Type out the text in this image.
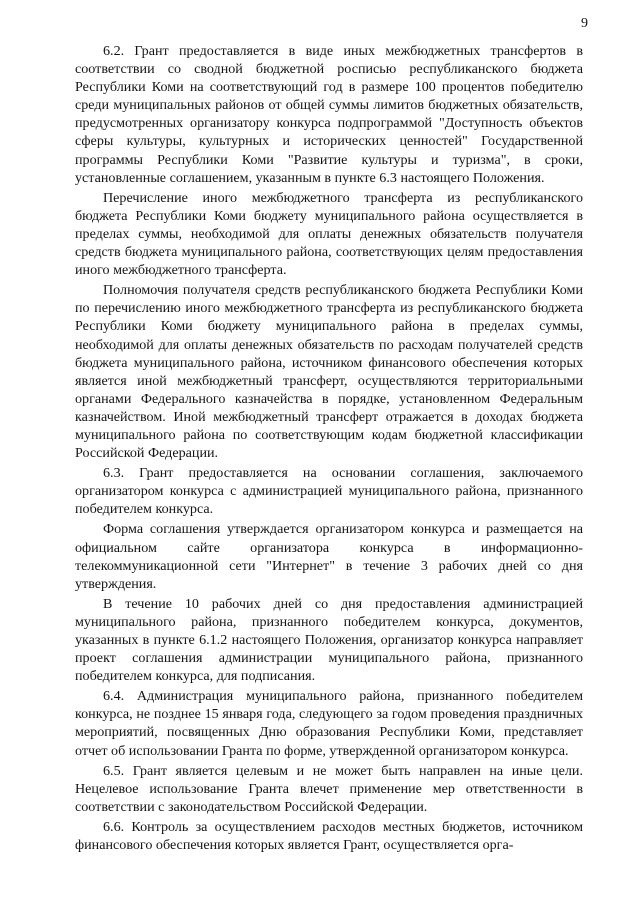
9

6.2. Грант предоставляется в виде иных межбюджетных трансфертов в соответствии со сводной бюджетной росписью республиканского бюджета Республики Коми на соответствующий год в размере 100 процентов победителю среди муниципальных районов от общей суммы лимитов бюджетных обязательств, предусмотренных организатору конкурса подпрограммой "Доступность объектов сферы культуры, культурных и исторических ценностей" Государственной программы Республики Коми "Развитие культуры и туризма", в сроки, установленные соглашением, указанным в пункте 6.3 настоящего Положения.

Перечисление иного межбюджетного трансферта из республиканского бюджета Республики Коми бюджету муниципального района осуществляется в пределах суммы, необходимой для оплаты денежных обязательств получателя средств бюджета муниципального района, соответствующих целям предоставления иного межбюджетного трансферта.

Полномочия получателя средств республиканского бюджета Республики Коми по перечислению иного межбюджетного трансферта из республиканского бюджета Республики Коми бюджету муниципального района в пределах суммы, необходимой для оплаты денежных обязательств по расходам получателей средств бюджета муниципального района, источником финансового обеспечения которых является иной межбюджетный трансферт, осуществляются территориальными органами Федерального казначейства в порядке, установленном Федеральным казначейством. Иной межбюджетный трансферт отражается в доходах бюджета муниципального района по соответствующим кодам бюджетной классификации Российской Федерации.

6.3. Грант предоставляется на основании соглашения, заключаемого организатором конкурса с администрацией муниципального района, признанного победителем конкурса.

Форма соглашения утверждается организатором конкурса и размещается на официальном сайте организатора конкурса в информационно-телекоммуникационной сети "Интернет" в течение 3 рабочих дней со дня утверждения.

В течение 10 рабочих дней со дня предоставления администрацией муниципального района, признанного победителем конкурса, документов, указанных в пункте 6.1.2 настоящего Положения, организатор конкурса направляет проект соглашения администрации муниципального района, признанного победителем конкурса, для подписания.

6.4. Администрация муниципального района, признанного победителем конкурса, не позднее 15 января года, следующего за годом проведения праздничных мероприятий, посвященных Дню образования Республики Коми, представляет отчет об использовании Гранта по форме, утвержденной организатором конкурса.

6.5. Грант является целевым и не может быть направлен на иные цели. Нецелевое использование Гранта влечет применение мер ответственности в соответствии с законодательством Российской Федерации.

6.6. Контроль за осуществлением расходов местных бюджетов, источником финансового обеспечения которых является Грант, осуществляется орга-
